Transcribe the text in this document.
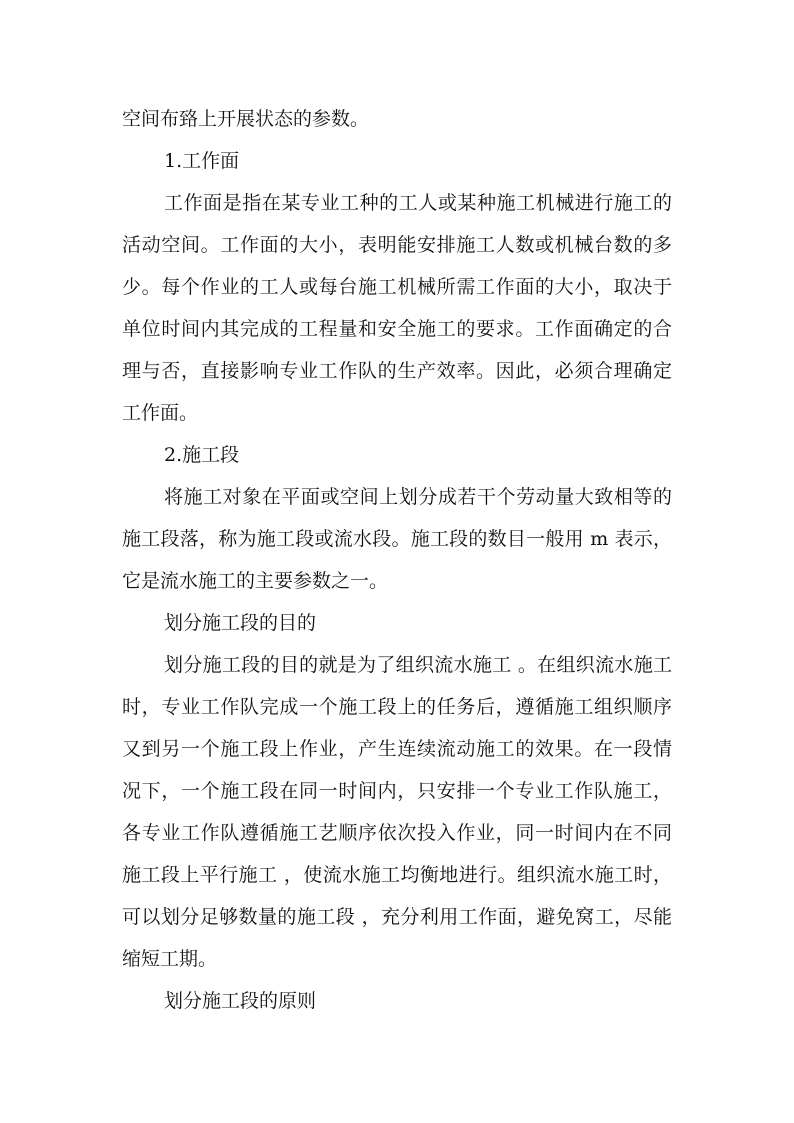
空间布臵上开展状态的参数。

1.工作面

工作面是指在某专业工种的工人或某种施工机械进行施工的活动空间。工作面的大小，表明能安排施工人数或机械台数的多少。每个作业的工人或每台施工机械所需工作面的大小，取决于单位时间内其完成的工程量和安全施工的要求。工作面确定的合理与否，直接影响专业工作队的生产效率。因此，必须合理确定工作面。

2.施工段

将施工对象在平面或空间上划分成若干个劳动量大致相等的施工段落，称为施工段或流水段。施工段的数目一般用 m 表示，它是流水施工的主要参数之一。

划分施工段的目的

划分施工段的目的就是为了组织流水施工 。在组织流水施工时，专业工作队完成一个施工段上的任务后，遵循施工组织顺序又到另一个施工段上作业，产生连续流动施工的效果。在一段情况下，一个施工段在同一时间内，只安排一个专业工作队施工，各专业工作队遵循施工艺顺序依次投入作业，同一时间内在不同施工段上平行施工 ，使流水施工均衡地进行。组织流水施工时，可以划分足够数量的施工段 ，充分利用工作面，避免窝工，尽能缩短工期。

划分施工段的原则
